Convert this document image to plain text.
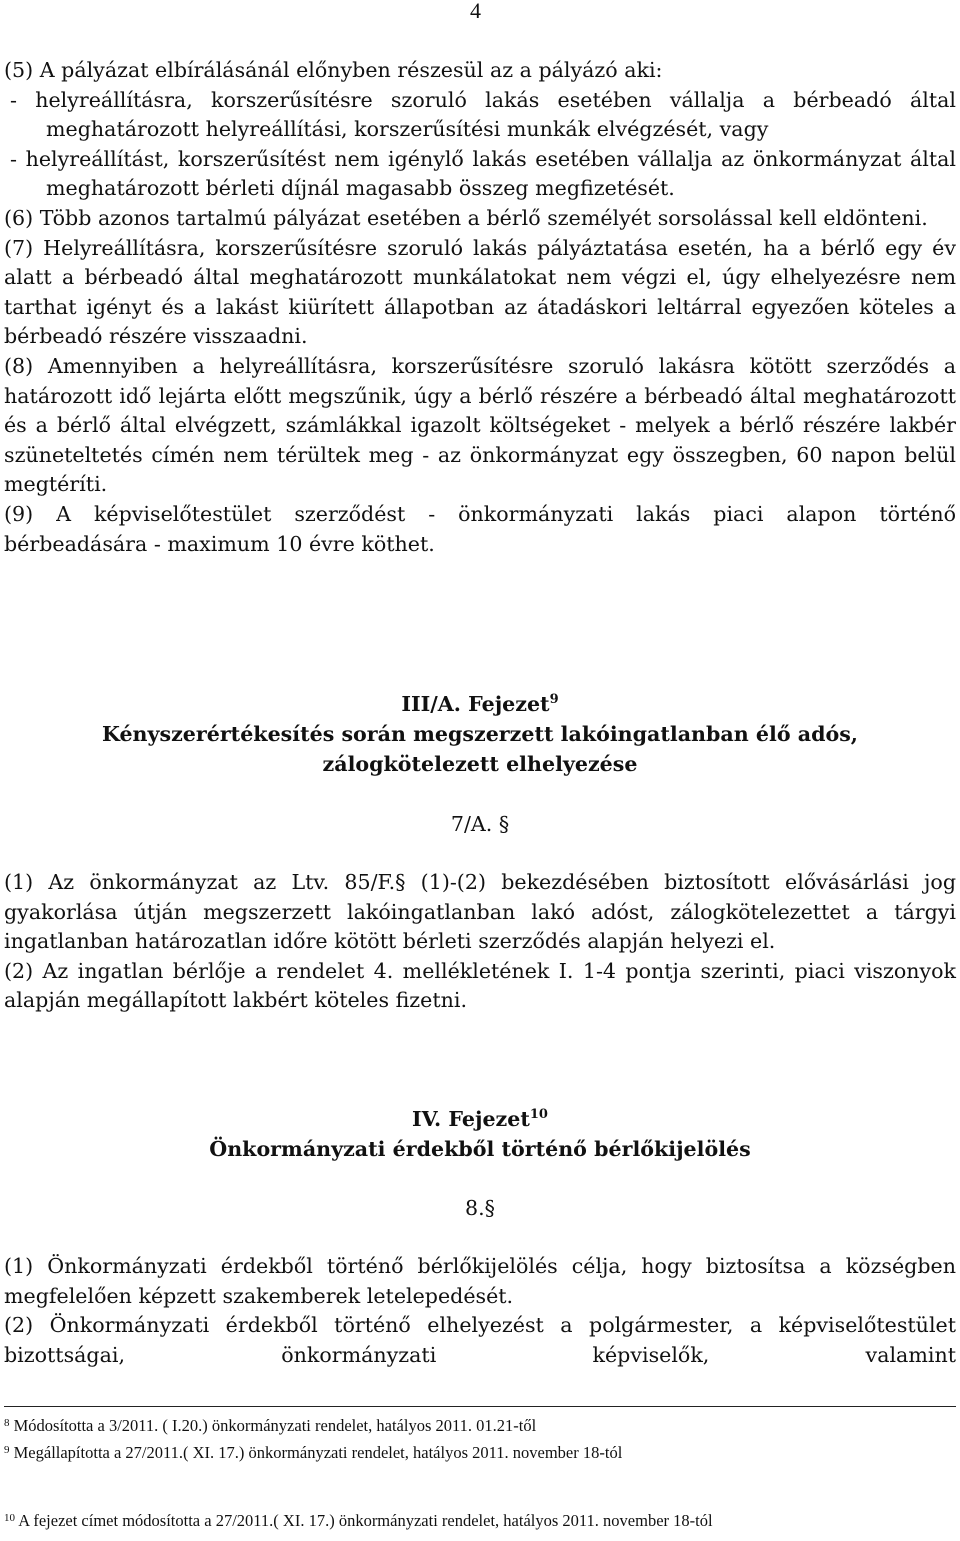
4

(5) A pályázat elbírálásánál előnyben részesül az a pályázó aki:

- helyreállításra, korszerűsítésre szoruló lakás esetében vállalja a bérbeadó által meghatározott helyreállítási, korszerűsítési munkák elvégzését, vagy

- helyreállítást, korszerűsítést nem igénylő lakás esetében vállalja az önkormányzat által meghatározott bérleti díjnál magasabb összeg megfizetését.

(6) Több azonos tartalmú pályázat esetében a bérlő személyét sorsolással kell eldönteni.

(7) Helyreállításra, korszerűsítésre szoruló lakás pályáztatása esetén, ha a bérlő egy év alatt a bérbeadó által meghatározott munkálatokat nem végzi el, úgy elhelyezésre nem tarthat igényt és a lakást kiürített állapotban az átadáskori leltárral egyezően köteles a bérbeadó részére visszaadni.

(8) Amennyiben a helyreállításra, korszerűsítésre szoruló lakásra kötött szerződés a határozott idő lejárta előtt megszűnik, úgy a bérlő részére a bérbeadó által meghatározott és a bérlő által elvégzett, számlákkal igazolt költségeket - melyek a bérlő részére lakbér szüneteltetés címén nem térültek meg - az önkormányzat egy összegben, 60 napon belül megtéríti.

(9) A képviselőtestület szerződést - önkormányzati lakás piaci alapon történő bérbeadására - maximum 10 évre köthet.

III/A. Fejezet$^9$
Kényszerértékesítés során megszerzett lakóingatlanban élő adós,
zálogkötelezett elhelyezése
7/A. §

(1) Az önkormányzat az Ltv. 85/F.§ (1)-(2) bekezdésében biztosított elővásárlási jog gyakorlása útján megszerzett lakóingatlanban lakó adóst, zálogkötelezettet a tárgyi ingatlanban határozatlan időre kötött bérleti szerződés alapján helyezi el.

(2) Az ingatlan bérlője a rendelet 4. mellékletének I. 1-4 pontja szerinti, piaci viszonyok alapján megállapított lakbért köteles fizetni.

IV. Fejezet$^{10}$
Önkormányzati érdekből történő bérlőkijelölés
8.§

(1) Önkormányzati érdekből történő bérlőkijelölés célja, hogy biztosítsa a községben megfelelően képzett szakemberek letelepedését.

(2) Önkormányzati érdekből történő elhelyezést a polgármester, a képviselőtestület bizottságai, önkormányzati képviselők, valamint

$^8$ Módosította a 3/2011. ( I.20.) önkormányzati rendelet, hatályos 2011. 01.21-től
$^9$ Megállapította a 27/2011.( XI. 17.) önkormányzati rendelet, hatályos 2011. november 18-tól
$^{10}$ A fejezet címet módosította a 27/2011.( XI. 17.) önkormányzati rendelet, hatályos 2011. november 18-tól
